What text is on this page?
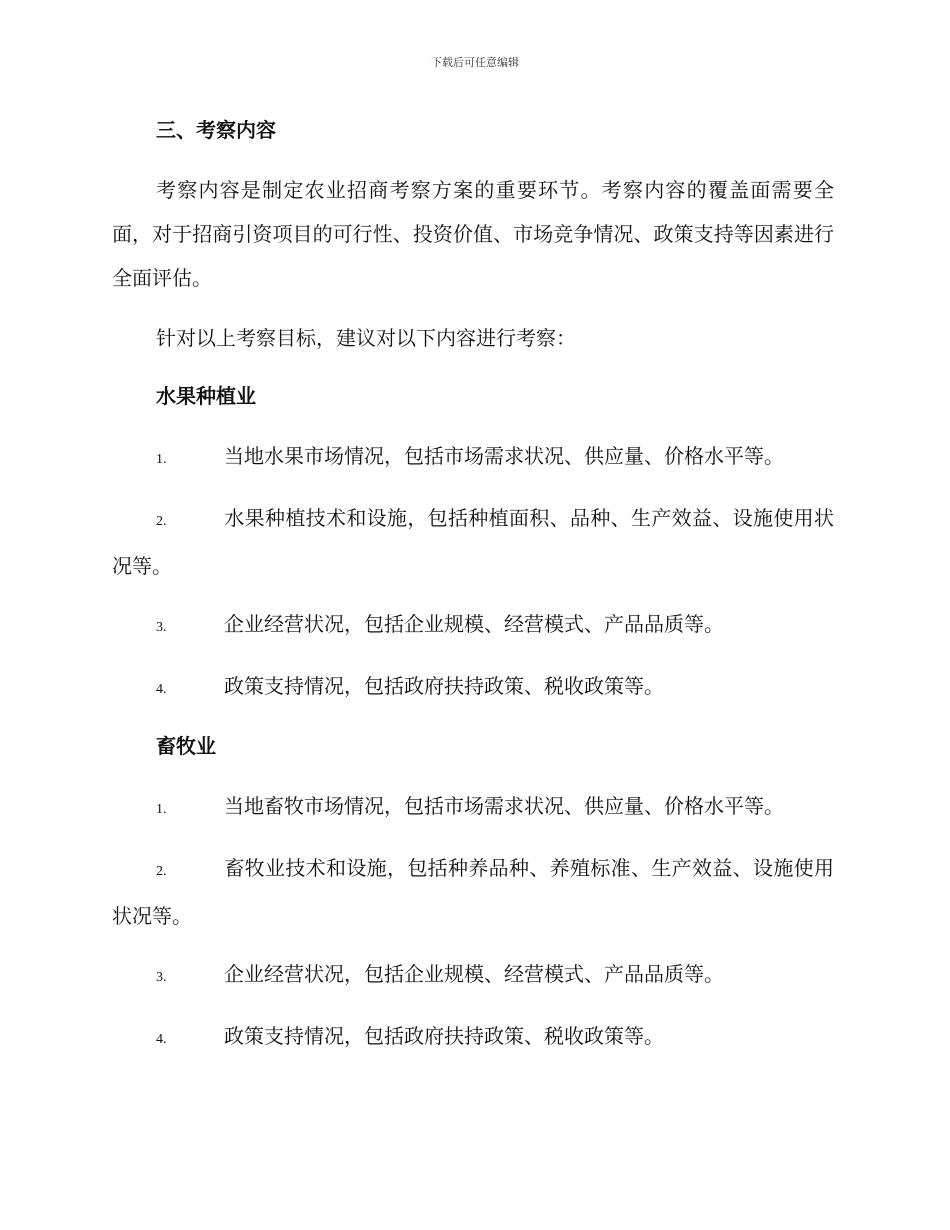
下载后可任意编辑
三、考察内容

考察内容是制定农业招商考察方案的重要环节。考察内容的覆盖面需要全面，对于招商引资项目的可行性、投资价值、市场竞争情况、政策支持等因素进行全面评估。

针对以上考察目标，建议对以下内容进行考察：

水果种植业

1.	当地水果市场情况，包括市场需求状况、供应量、价格水平等。

2.	水果种植技术和设施，包括种植面积、品种、生产效益、设施使用状况等。

3.	企业经营状况，包括企业规模、经营模式、产品品质等。

4.	政策支持情况，包括政府扶持政策、税收政策等。

畜牧业

1.	当地畜牧市场情况，包括市场需求状况、供应量、价格水平等。

2.	畜牧业技术和设施，包括种养品种、养殖标准、生产效益、设施使用状况等。

3.	企业经营状况，包括企业规模、经营模式、产品品质等。

4.	政策支持情况，包括政府扶持政策、税收政策等。
